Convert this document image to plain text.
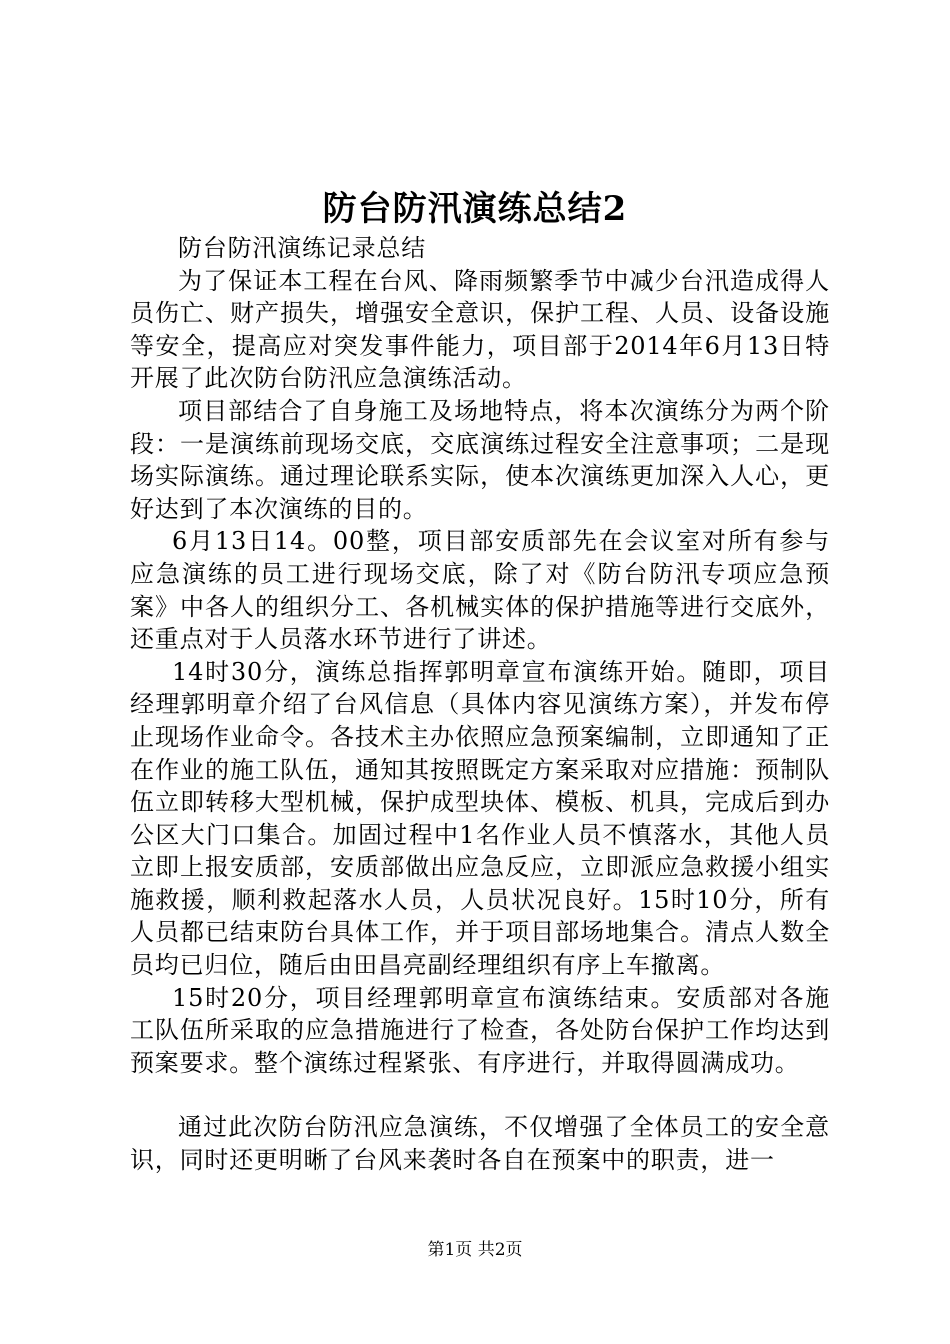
防台防汛演练总结2

防台防汛演练记录总结

为了保证本工程在台风、降雨频繁季节中减少台汛造成得人员伤亡、财产损失，增强安全意识，保护工程、人员、设备设施等安全，提高应对突发事件能力，项目部于2014年6月13日特开展了此次防台防汛应急演练活动。

项目部结合了自身施工及场地特点，将本次演练分为两个阶段：一是演练前现场交底，交底演练过程安全注意事项；二是现场实际演练。通过理论联系实际，使本次演练更加深入人心，更好达到了本次演练的目的。

6月13日14。00整，项目部安质部先在会议室对所有参与应急演练的员工进行现场交底，除了对《防台防汛专项应急预案》中各人的组织分工、各机械实体的保护措施等进行交底外，还重点对于人员落水环节进行了讲述。

14时30分，演练总指挥郭明章宣布演练开始。随即，项目经理郭明章介绍了台风信息（具体内容见演练方案），并发布停止现场作业命令。各技术主办依照应急预案编制，立即通知了正在作业的施工队伍，通知其按照既定方案采取对应措施：预制队伍立即转移大型机械，保护成型块体、模板、机具，完成后到办公区大门口集合。加固过程中1名作业人员不慎落水，其他人员立即上报安质部，安质部做出应急反应，立即派应急救援小组实施救援，顺利救起落水人员，人员状况良好。15时10分，所有人员都已结束防台具体工作，并于项目部场地集合。清点人数全员均已归位，随后由田昌亮副经理组织有序上车撤离。

15时20分，项目经理郭明章宣布演练结束。安质部对各施工队伍所采取的应急措施进行了检查，各处防台保护工作均达到预案要求。整个演练过程紧张、有序进行，并取得圆满成功。

通过此次防台防汛应急演练，不仅增强了全体员工的安全意识，同时还更明晰了台风来袭时各自在预案中的职责，进一

第1页 共2页
